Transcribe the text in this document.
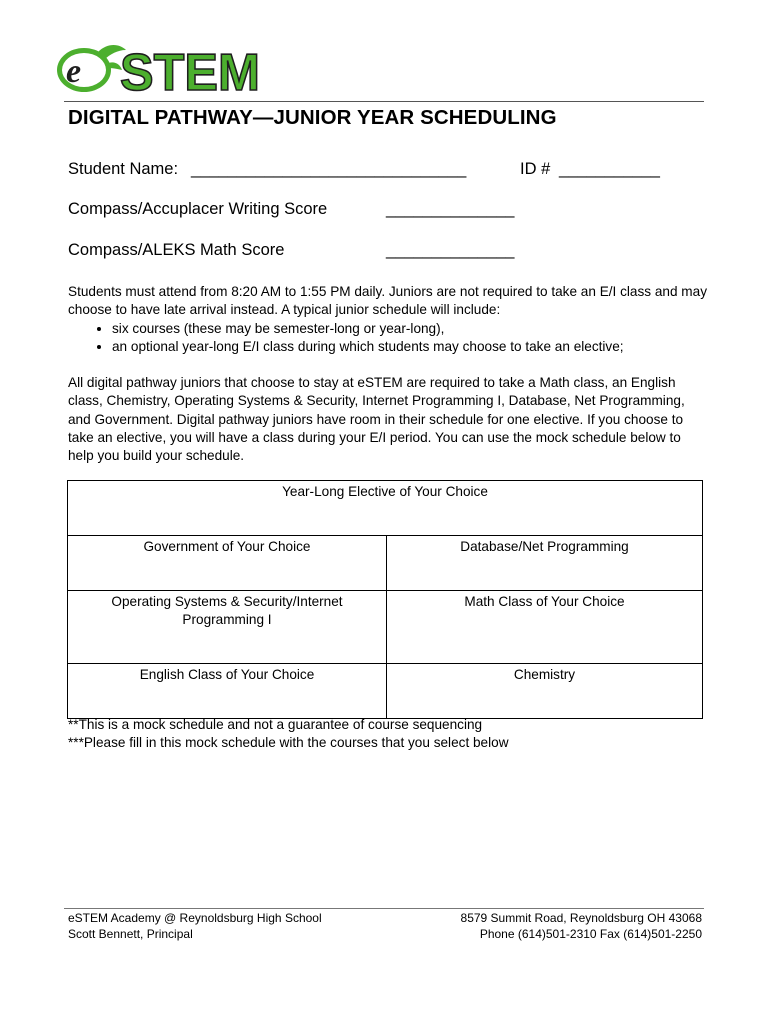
e STEM
DIGITAL PATHWAY—JUNIOR YEAR SCHEDULING
Student Name: ______________________________	ID # ___________
Compass/Accuplacer Writing Score	______________
Compass/ALEKS Math Score	______________
Students must attend from 8:20 AM to 1:55 PM daily. Juniors are not required to take an E/I class and may choose to have late arrival instead. A typical junior schedule will include:
• six courses (these may be semester-long or year-long),
• an optional year-long E/I class during which students may choose to take an elective;
All digital pathway juniors that choose to stay at eSTEM are required to take a Math class, an English class, Chemistry, Operating Systems & Security, Internet Programming I, Database, Net Programming, and Government. Digital pathway juniors have room in their schedule for one elective. If you choose to take an elective, you will have a class during your E/I period. You can use the mock schedule below to help you build your schedule.
Year-Long Elective of Your Choice	
Government of Your Choice	Database/Net Programming
Operating Systems & Security/Internet Programming I	Math Class of Your Choice
English Class of Your Choice	Chemistry
**This is a mock schedule and not a guarantee of course sequencing
***Please fill in this mock schedule with the courses that you select below
eSTEM Academy @ Reynoldsburg High School
Scott Bennett, Principal
8579 Summit Road, Reynoldsburg OH 43068
Phone (614)501-2310 Fax (614)501-2250
